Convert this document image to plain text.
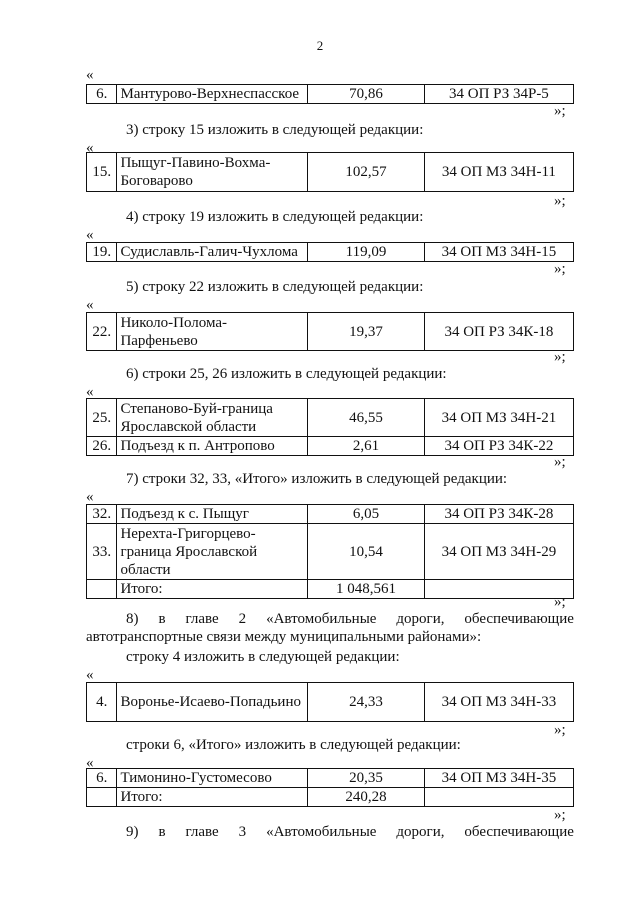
2
«
6.	Мантурово-Верхнеспасское	70,86	34 ОП РЗ 34Р-5
»;
3) строку 15 изложить в следующей редакции:
«
15.	Пыщуг-Павино-Вохма-Боговарово	102,57	34 ОП МЗ 34Н-11
»;
4) строку 19 изложить в следующей редакции:
«
19.	Судиславль-Галич-Чухлома	119,09	34 ОП МЗ 34Н-15
»;
5) строку 22 изложить в следующей редакции:
«
22.	Николо-Полома-Парфеньево	19,37	34 ОП РЗ 34К-18
»;
6) строки 25, 26 изложить в следующей редакции:
«
25.	Степаново-Буй-граница Ярославской области	46,55	34 ОП МЗ 34Н-21
26.	Подъезд к п. Антропово	2,61	34 ОП РЗ 34К-22
»;
7) строки 32, 33, «Итого» изложить в следующей редакции:
«
32.	Подъезд к с. Пыщуг	6,05	34 ОП РЗ 34К-28
33.	Нерехта-Григорцево-граница Ярославской области	10,54	34 ОП МЗ 34Н-29
	Итого:	1 048,561	
»;
8) в главе 2 «Автомобильные дороги, обеспечивающие
автотранспортные связи между муниципальными районами»:
строку 4 изложить в следующей редакции:
«
4.	Воронье-Исаево-Попадьино	24,33	34 ОП МЗ 34Н-33
»;
строки 6, «Итого» изложить в следующей редакции:
«
6.	Тимонино-Густомесово	20,35	34 ОП МЗ 34Н-35
	Итого:	240,28	
»;
9) в главе 3 «Автомобильные дороги, обеспечивающие
